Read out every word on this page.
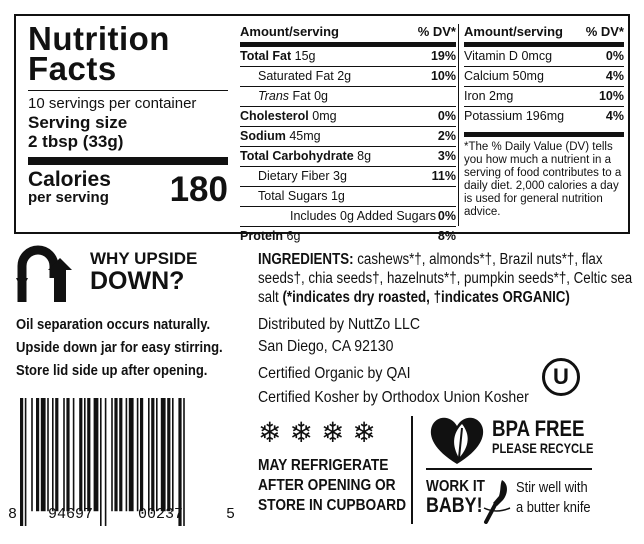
Nutrition
Facts
10 servings per container
Serving size
2 tbsp (33g)
Calories
per serving 180
Amount/serving	% DV*
Total Fat 15g	19%
Saturated Fat 2g	10%
Trans Fat 0g
Cholesterol 0mg	0%
Sodium 45mg	2%
Total Carbohydrate 8g	3%
Dietary Fiber 3g	11%
Total Sugars 1g
Includes 0g Added Sugars 0%
Protein 6g	8%
Amount/serving % DV*
Vitamin D 0mcg	0%
Calcium 50mg	4%
Iron 2mg	10%
Potassium 196mg	4%
*The % Daily Value (DV) tells you how much a nutrient in a serving of food contributes to a daily diet. 2,000 calories a day is used for general nutrition advice.
WHY UPSIDE
DOWN?
Oil separation occurs naturally.
Upside down jar for easy stirring.
Store lid side up after opening.
8 94697	00237	5
INGREDIENTS: cashews*†, almonds*†, Brazil nuts*†, flax seeds†, chia seeds†, hazelnuts*†, pumpkin seeds*†, Celtic sea salt (*indicates dry roasted, †indicates ORGANIC)
Distributed by NuttZo LLC
San Diego, CA 92130
Certified Organic by QAI
Certified Kosher by Orthodox Union Kosher
U
❄ ❄ ❄ ❄
MAY REFRIGERATE
AFTER OPENING OR
STORE IN CUPBOARD
BPA FREE
PLEASE RECYCLE
WORK IT
BABY!
Stir well with
a butter knife
